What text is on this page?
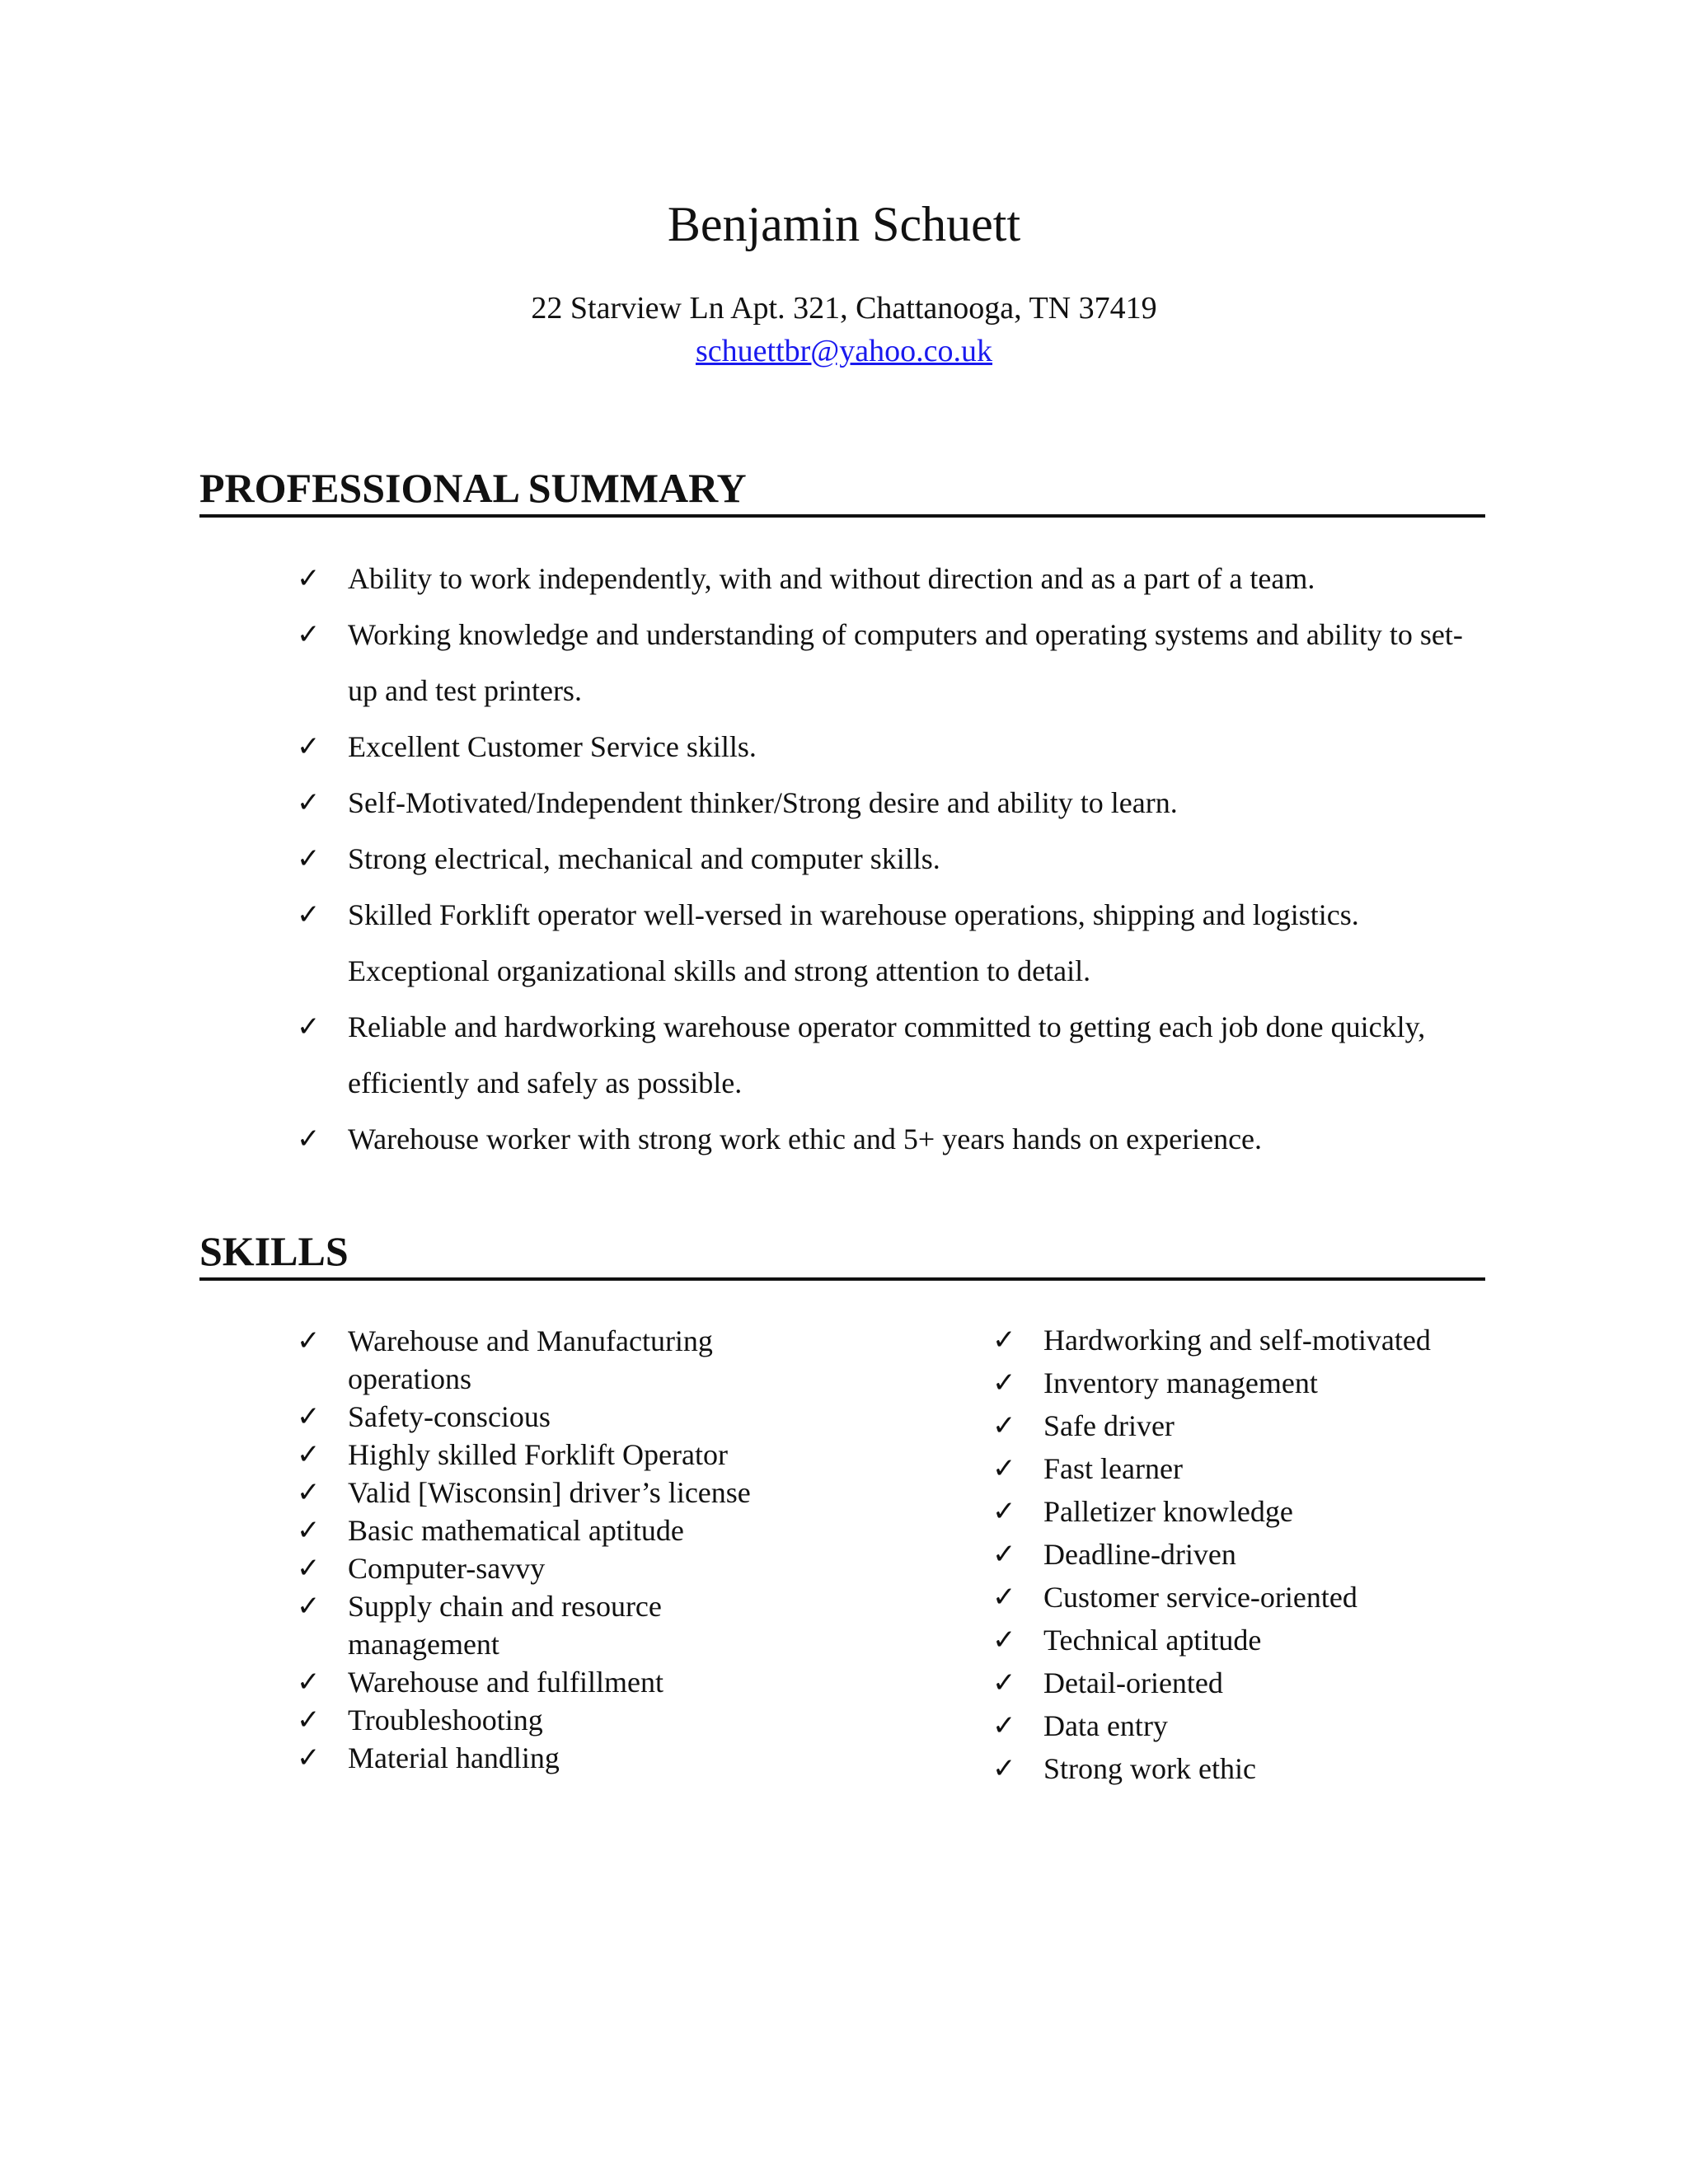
Benjamin Schuett
22 Starview Ln Apt. 321, Chattanooga, TN 37419
schuettbr@yahoo.co.uk
PROFESSIONAL SUMMARY
✓ Ability to work independently, with and without direction and as a part of a team.
✓ Working knowledge and understanding of computers and operating systems and ability to set-up and test printers.
✓ Excellent Customer Service skills.
✓ Self-Motivated/Independent thinker/Strong desire and ability to learn.
✓ Strong electrical, mechanical and computer skills.
✓ Skilled Forklift operator well-versed in warehouse operations, shipping and logistics. Exceptional organizational skills and strong attention to detail.
✓ Reliable and hardworking warehouse operator committed to getting each job done quickly, efficiently and safely as possible.
✓ Warehouse worker with strong work ethic and 5+ years hands on experience.
SKILLS
✓ Warehouse and Manufacturing operations
✓ Safety-conscious
✓ Highly skilled Forklift Operator
✓ Valid [Wisconsin] driver’s license
✓ Basic mathematical aptitude
✓ Computer-savvy
✓ Supply chain and resource management
✓ Warehouse and fulfillment
✓ Troubleshooting
✓ Material handling
✓ Hardworking and self-motivated
✓ Inventory management
✓ Safe driver
✓ Fast learner
✓ Palletizer knowledge
✓ Deadline-driven
✓ Customer service-oriented
✓ Technical aptitude
✓ Detail-oriented
✓ Data entry
✓ Strong work ethic
